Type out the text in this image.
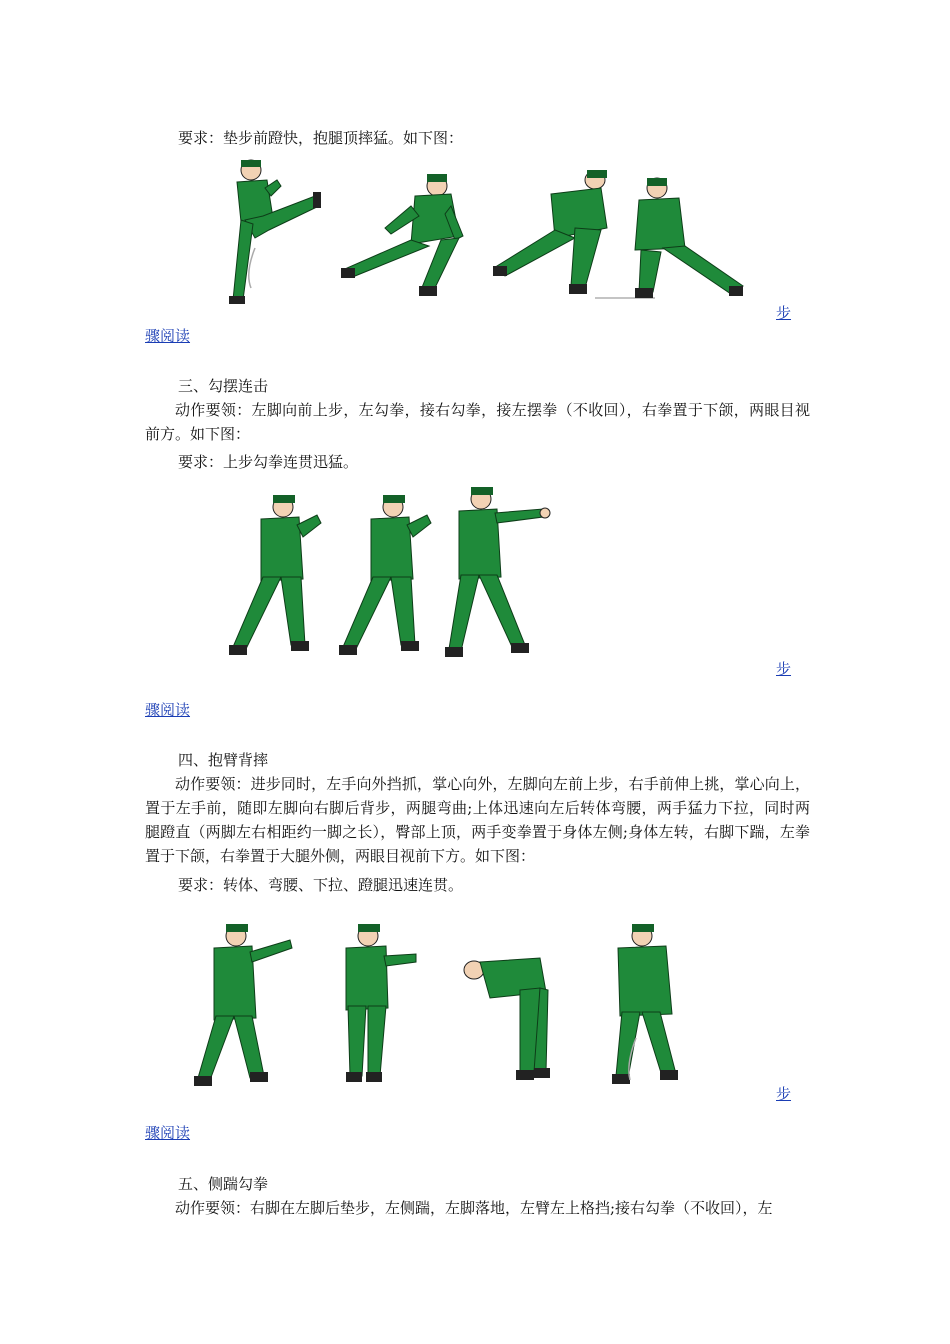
要求：垫步前蹬快，抱腿顶摔猛。如下图：
步
骤阅读
三、勾摆连击
动作要领：左脚向前上步，左勾拳，接右勾拳，接左摆拳（不收回），右拳置于下颌，两眼目视前方。如下图：
要求：上步勾拳连贯迅猛。
步
骤阅读
四、抱臂背摔
动作要领：进步同时，左手向外挡抓，掌心向外，左脚向左前上步，右手前伸上挑，掌心向上，置于左手前，随即左脚向右脚后背步，两腿弯曲;上体迅速向左后转体弯腰，两手猛力下拉，同时两腿蹬直（两脚左右相距约一脚之长），臀部上顶，两手变拳置于身体左侧;身体左转，右脚下踹，左拳置于下颌，右拳置于大腿外侧，两眼目视前下方。如下图：
要求：转体、弯腰、下拉、蹬腿迅速连贯。
步
骤阅读
五、侧踹勾拳
动作要领：右脚在左脚后垫步，左侧踹，左脚落地，左臂左上格挡;接右勾拳（不收回），左
